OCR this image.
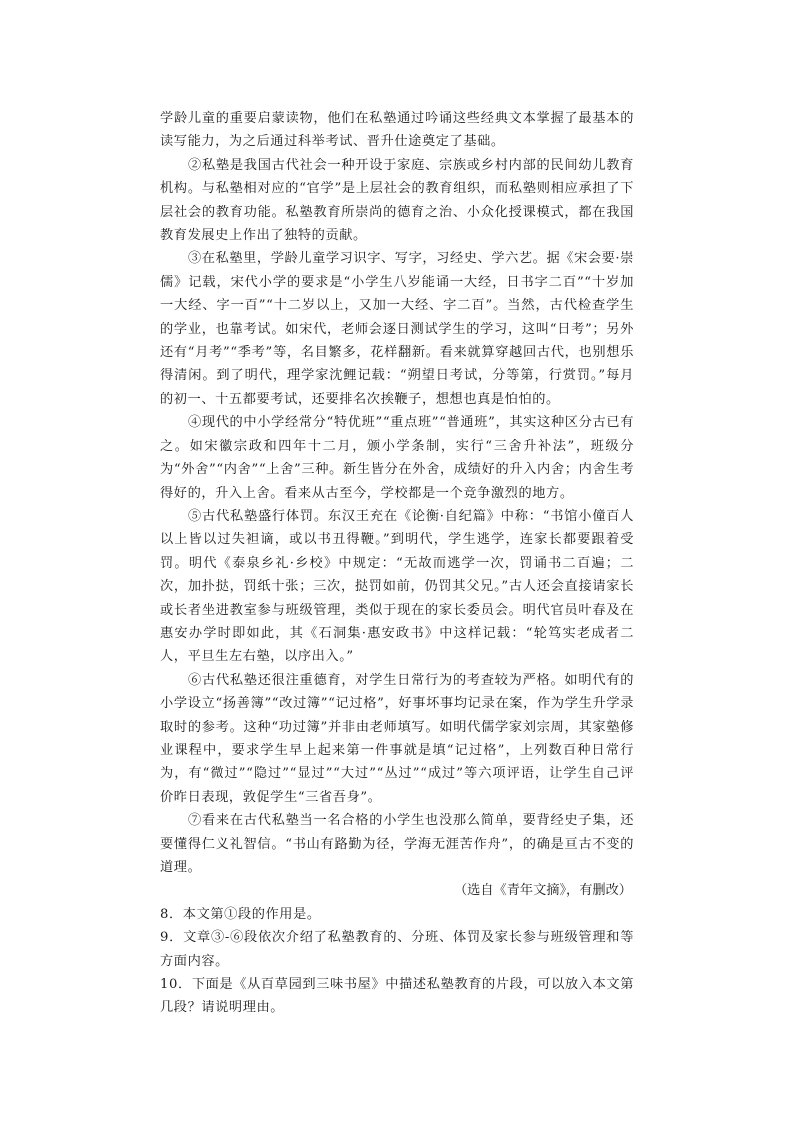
学龄儿童的重要启蒙读物，他们在私塾通过吟诵这些经典文本掌握了最基本的读写能力，为之后通过科举考试、晋升仕途奠定了基础。

②私塾是我国古代社会一种开设于家庭、宗族或乡村内部的民间幼儿教育机构。与私塾相对应的“官学”是上层社会的教育组织，而私塾则相应承担了下层社会的教育功能。私塾教育所崇尚的德育之治、小众化授课模式，都在我国教育发展史上作出了独特的贡献。

③在私塾里，学龄儿童学习识字、写字，习经史、学六艺。据《宋会要·崇儒》记载，宋代小学的要求是“小学生八岁能诵一大经，日书字二百”“十岁加一大经、字一百”“十二岁以上，又加一大经、字二百”。当然，古代检查学生的学业，也靠考试。如宋代，老师会逐日测试学生的学习，这叫“日考”；另外还有“月考”“季考”等，名目繁多，花样翻新。看来就算穿越回古代，也别想乐得清闲。到了明代，理学家沈鲤记载：“朔望日考试，分等第，行赏罚。”每月的初一、十五都要考试，还要排名次挨鞭子，想想也真是怕怕的。

④现代的中小学经常分“特优班”“重点班”“普通班”，其实这种区分古已有之。如宋徽宗政和四年十二月，颁小学条制，实行“三舍升补法”，班级分为“外舍”“内舍”“上舍”三种。新生皆分在外舍，成绩好的升入内舍；内舍生考得好的，升入上舍。看来从古至今，学校都是一个竞争激烈的地方。

⑤古代私塾盛行体罚。东汉王充在《论衡·自纪篇》中称：“书馆小僮百人以上皆以过失袒谪，或以书丑得鞭。”到明代，学生逃学，连家长都要跟着受罚。明代《泰泉乡礼·乡校》中规定：“无故而逃学一次，罚诵书二百遍；二次，加扑挞，罚纸十张；三次，挞罚如前，仍罚其父兄。”古人还会直接请家长或长者坐进教室参与班级管理，类似于现在的家长委员会。明代官员叶春及在惠安办学时即如此，其《石洞集·惠安政书》中这样记载：“轮笃实老成者二人，平旦生左右塾，以序出入。”

⑥古代私塾还很注重德育，对学生日常行为的考查较为严格。如明代有的小学设立“扬善簿”“改过簿”“记过格”，好事坏事均记录在案，作为学生升学录取时的参考。这种“功过簿”并非由老师填写。如明代儒学家刘宗周，其家塾修业课程中，要求学生早上起来第一件事就是填“记过格”，上列数百种日常行为，有“微过”“隐过”“显过”“大过”“丛过”“成过”等六项评语，让学生自己评价昨日表现，敦促学生“三省吾身”。

⑦看来在古代私塾当一名合格的小学生也没那么简单，要背经史子集，还要懂得仁义礼智信。“书山有路勤为径，学海无涯苦作舟”，的确是亘古不变的道理。

（选自《青年文摘》，有删改）

8．本文第①段的作用是。

9．文章③-⑥段依次介绍了私塾教育的、分班、体罚及家长参与班级管理和等方面内容。

10．下面是《从百草园到三味书屋》中描述私塾教育的片段，可以放入本文第几段？请说明理由。
